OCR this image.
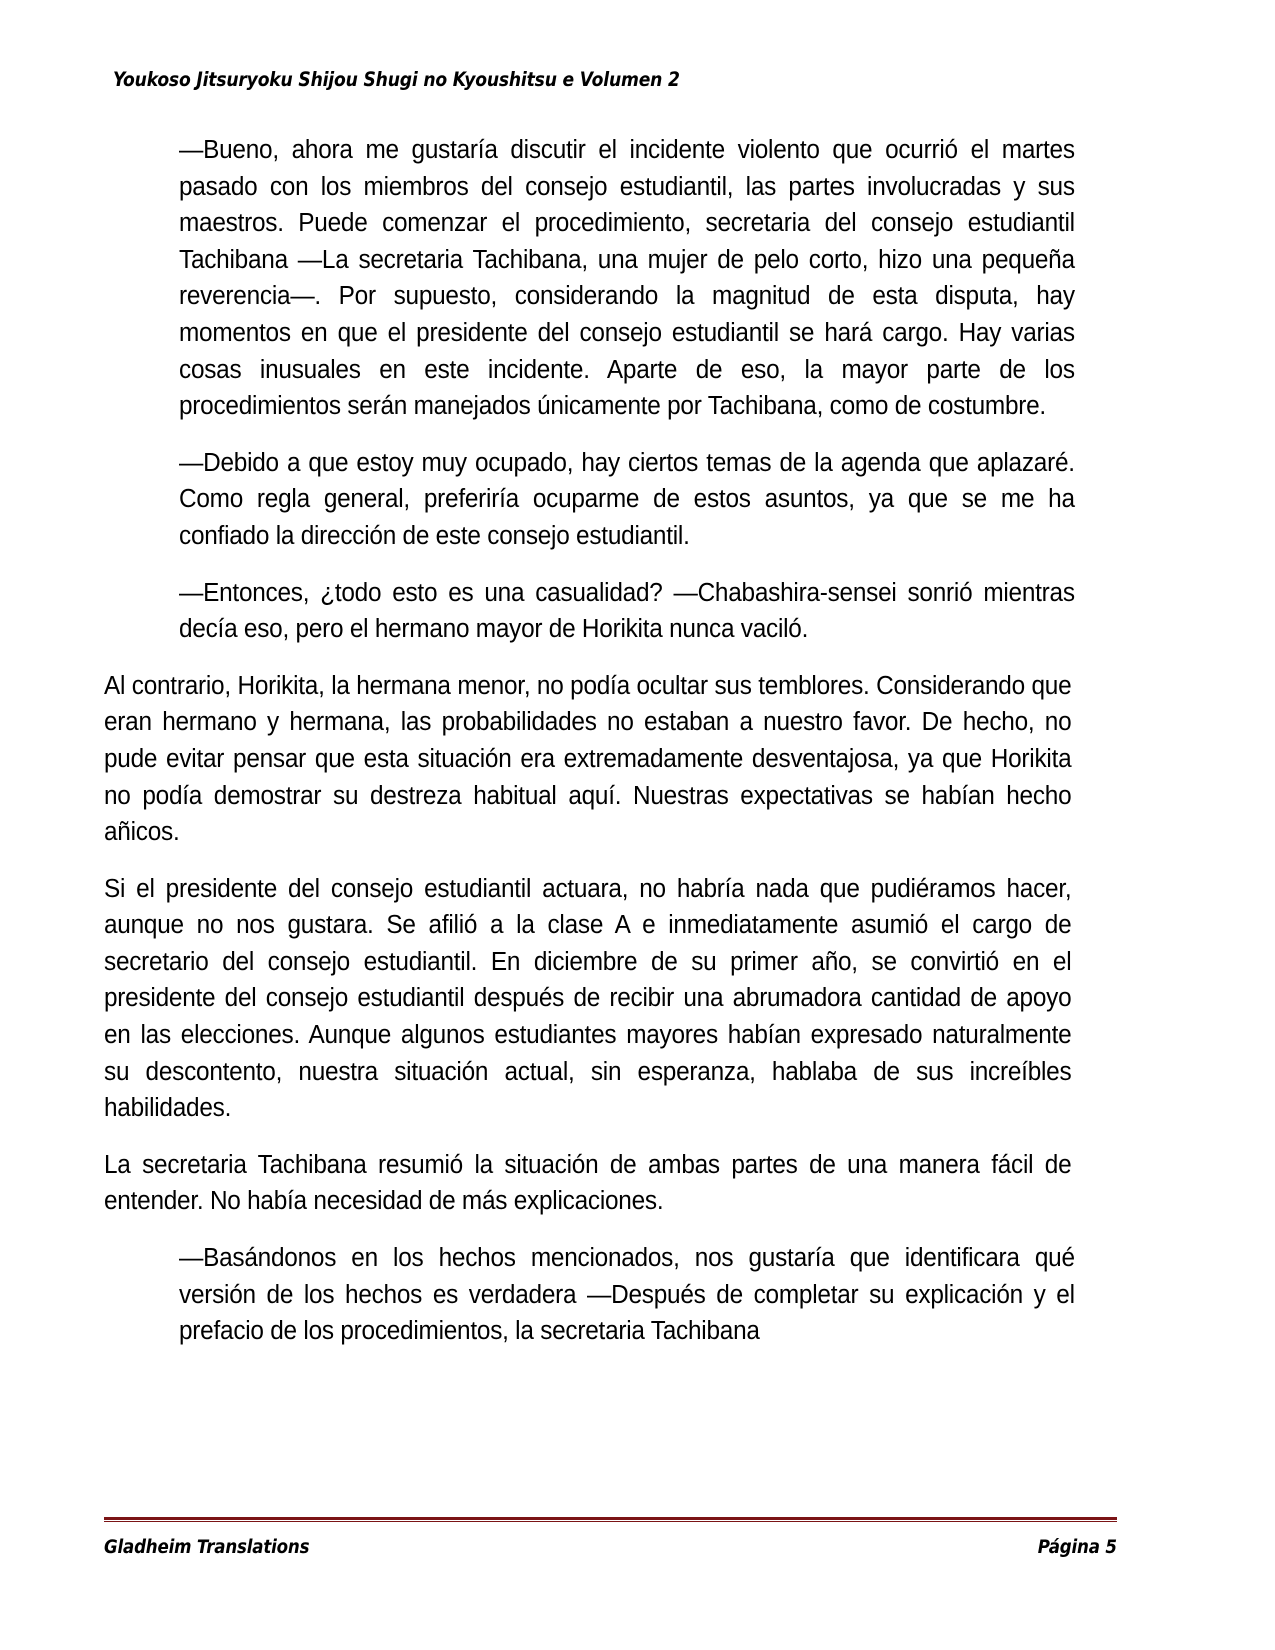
Youkoso Jitsuryoku Shijou Shugi no Kyoushitsu e Volumen 2

—Bueno, ahora me gustaría discutir el incidente violento que ocurrió el martes pasado con los miembros del consejo estudiantil, las partes involucradas y sus maestros. Puede comenzar el procedimiento, secretaria del consejo estudiantil Tachibana —La secretaria Tachibana, una mujer de pelo corto, hizo una pequeña reverencia—. Por supuesto, considerando la magnitud de esta disputa, hay momentos en que el presidente del consejo estudiantil se hará cargo. Hay varias cosas inusuales en este incidente. Aparte de eso, la mayor parte de los procedimientos serán manejados únicamente por Tachibana, como de costumbre.

—Debido a que estoy muy ocupado, hay ciertos temas de la agenda que aplazaré. Como regla general, preferiría ocuparme de estos asuntos, ya que se me ha confiado la dirección de este consejo estudiantil.

—Entonces, ¿todo esto es una casualidad? —Chabashira-sensei sonrió mientras decía eso, pero el hermano mayor de Horikita nunca vaciló.

Al contrario, Horikita, la hermana menor, no podía ocultar sus temblores. Considerando que eran hermano y hermana, las probabilidades no estaban a nuestro favor. De hecho, no pude evitar pensar que esta situación era extremadamente desventajosa, ya que Horikita no podía demostrar su destreza habitual aquí. Nuestras expectativas se habían hecho añicos.

Si el presidente del consejo estudiantil actuara, no habría nada que pudiéramos hacer, aunque no nos gustara. Se afilió a la clase A e inmediatamente asumió el cargo de secretario del consejo estudiantil. En diciembre de su primer año, se convirtió en el presidente del consejo estudiantil después de recibir una abrumadora cantidad de apoyo en las elecciones. Aunque algunos estudiantes mayores habían expresado naturalmente su descontento, nuestra situación actual, sin esperanza, hablaba de sus increíbles habilidades.

La secretaria Tachibana resumió la situación de ambas partes de una manera fácil de entender. No había necesidad de más explicaciones.

—Basándonos en los hechos mencionados, nos gustaría que identificara qué versión de los hechos es verdadera —Después de completar su explicación y el prefacio de los procedimientos, la secretaria Tachibana

Gladheim Translations	Página 5
